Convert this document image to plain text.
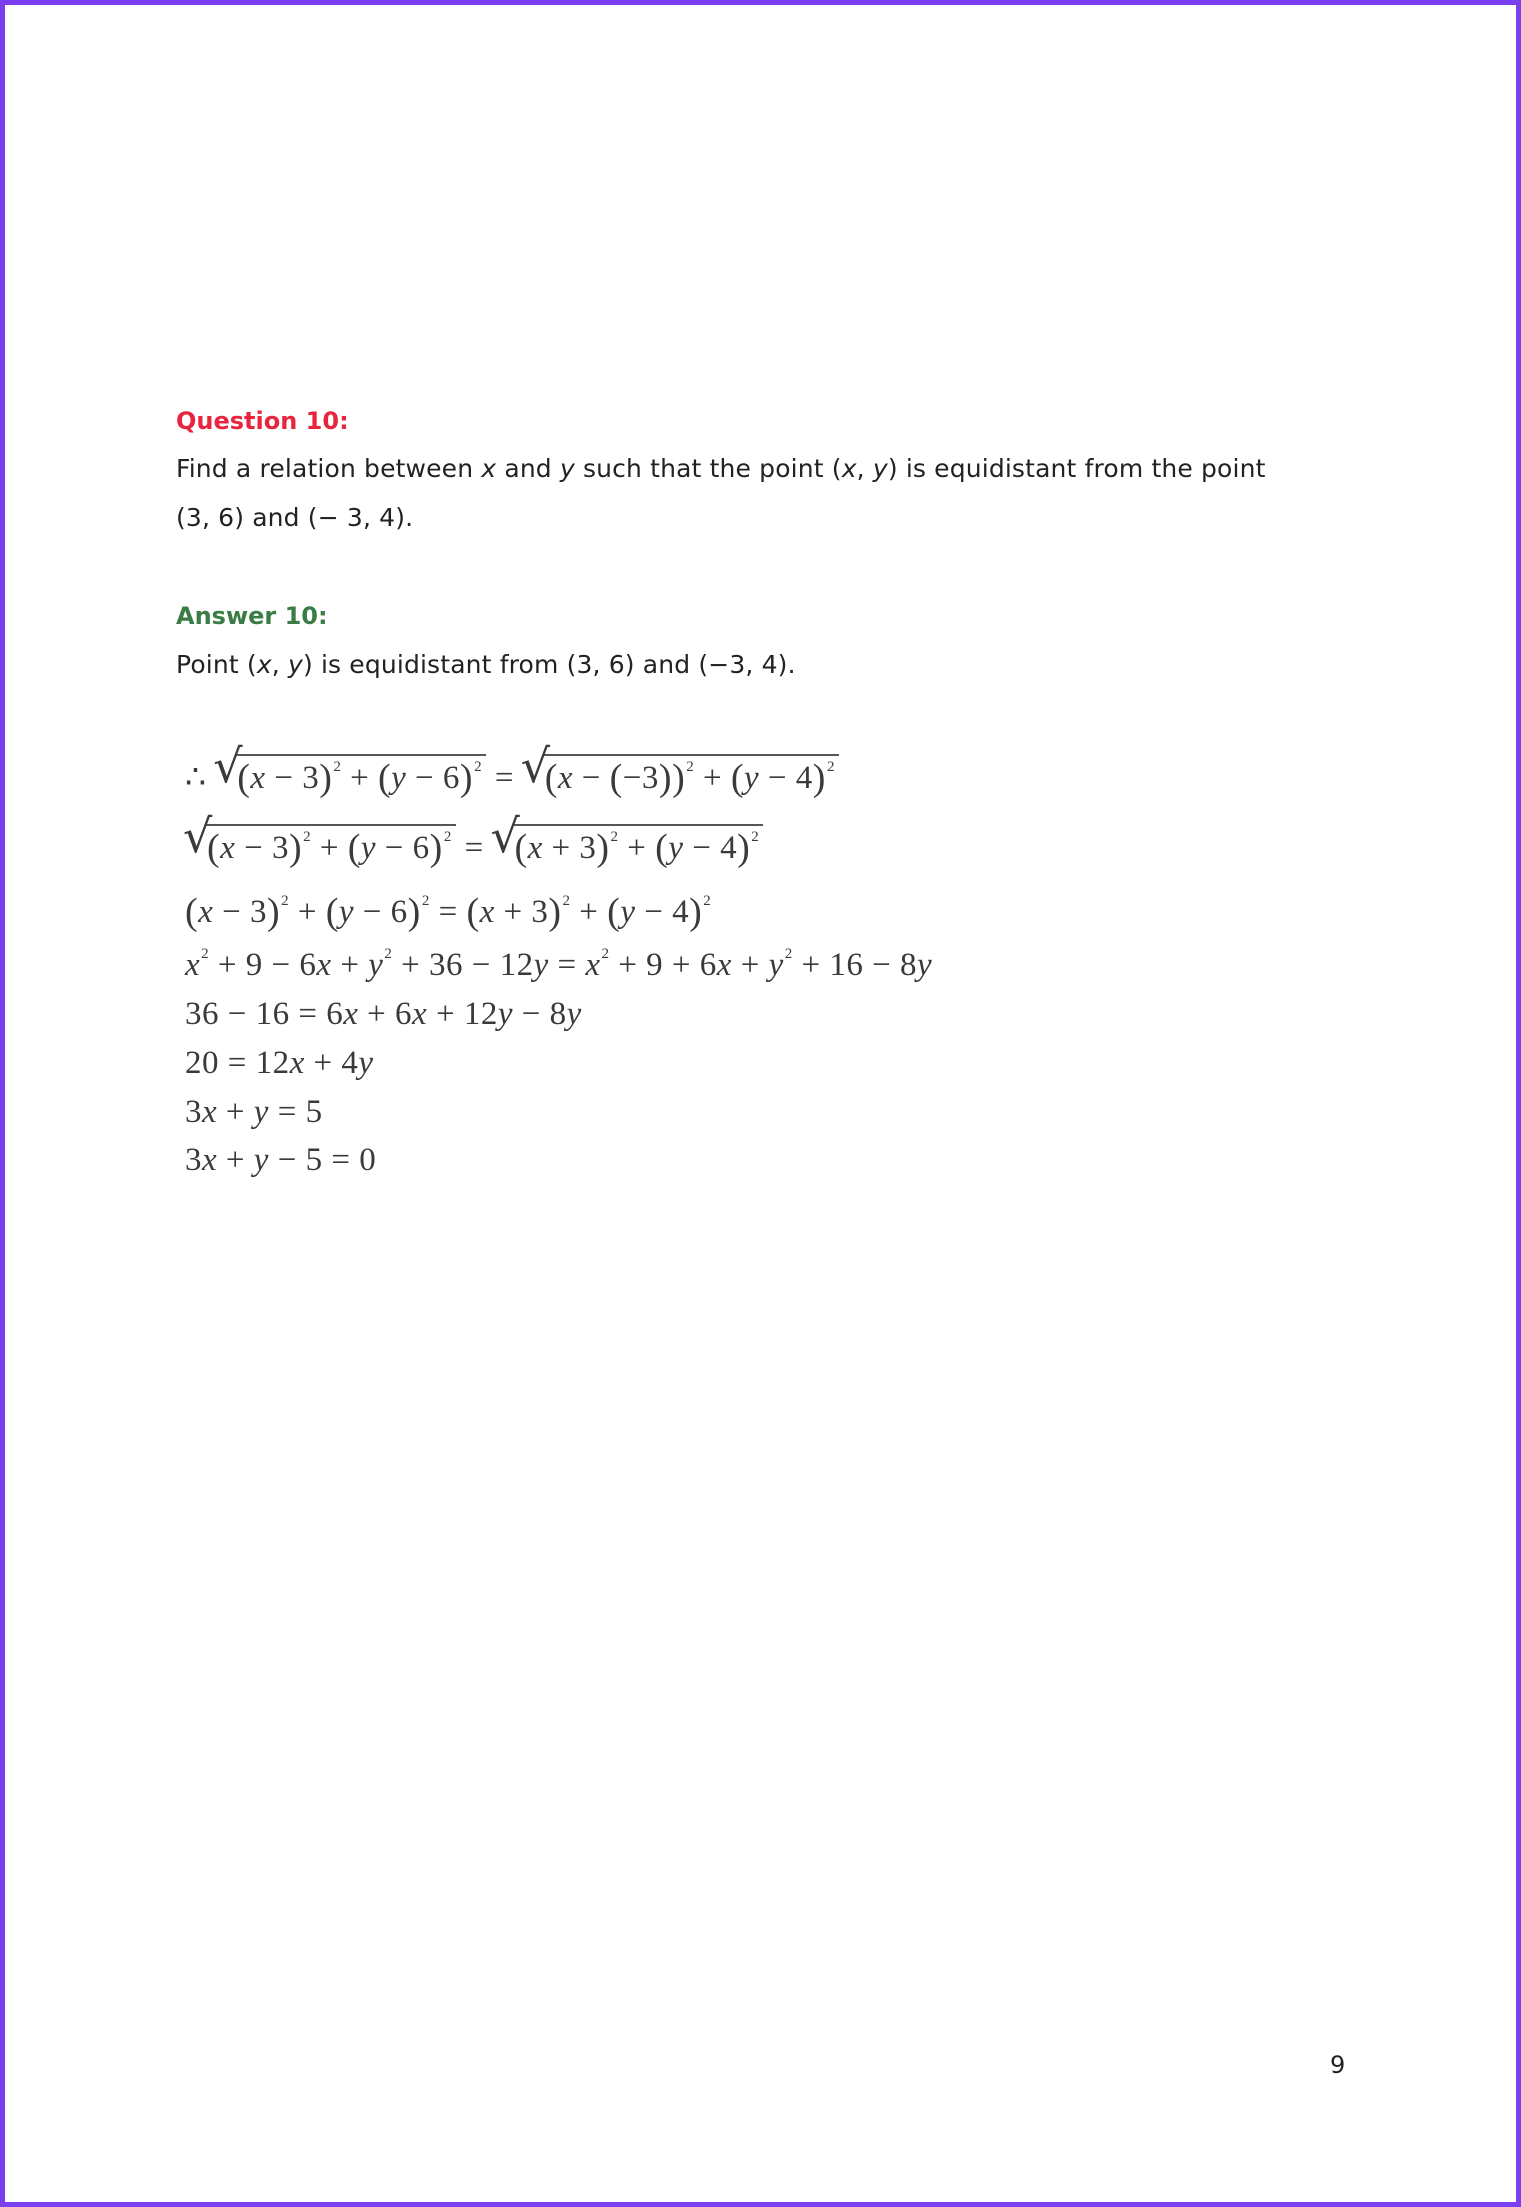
Question 10:
Find a relation between x and y such that the point (x, y) is equidistant from the point
(3, 6) and (− 3, 4).
Answer 10:
Point (x, y) is equidistant from (3, 6) and (−3, 4).
∴ √ $(x - 3)^2 + (y - 6)^2$ = √ $(x - (-3))^2 + (y - 4)^2$
√ $(x - 3)^2 + (y - 6)^2$ = √ $(x + 3)^2 + (y - 4)^2$
$(x - 3)^2 + (y - 6)^2 = (x + 3)^2 + (y - 4)^2$
$x^2 + 9 - 6x + y^2 + 36 - 12y = x^2 + 9 + 6x + y^2 + 16 - 8y$
36 − 16 = 6x + 6x + 12y − 8y
20 = 12x + 4y
3x + y = 5
3x + y − 5 = 0
9
